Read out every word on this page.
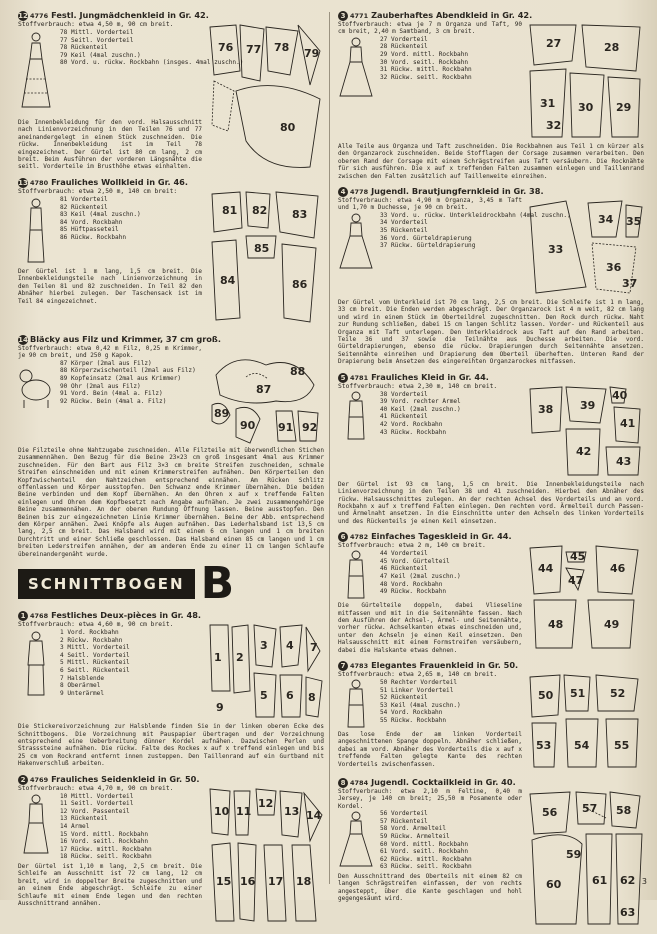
12 4776 Festl. Jungmädchenkleid in Gr. 42.
Stoffverbrauch: etwa 4,50 m, 90 cm breit.
78 Mittl. Vorderteil
77 Seitl. Vorderteil
78 Rückenteil
79 Keil (4mal zuschn.)
80 Vord. u. rückw. Rockbahn (insges. 4mal zuschn.)

Die Innenbekleidung für den vord. Halsausschnitt nach Linienvorzeichnung in den Teilen 76 und 77 aneinandergelegt in einem Stück zuschneiden. Die rückw. Innenbekleidung ist im Teil 78 eingezeichnet. Der Gürtel ist 80 cm lang, 2 cm breit. Beim Ausführen der vorderen Längsnähte die seitl. Vorderteile im Brusthöhe etwas einhalten.

76 77 78 79
80
13 4780 Frauliches Wollkleid in Gr. 46.
Stoffverbrauch: etwa 2,50 m, 140 cm breit:
81 Vorderteil
82 Rückenteil
83 Keil (4mal zuschn.)
84 Vord. Rockbahn
85 Hüftpasseteil
86 Rückw. Rockbahn

Der Gürtel ist 1 m lang, 1,5 cm breit. Die Innenbekleidungsteile nach Linienvorzeichnung in den Teilen 81 und 82 zuschneiden. In Teil 82 den Abnäher hierbei zulegen. Der Taschensack ist im Teil 84 eingezeichnet.

81 82 83
84
85
86
14 Bläcky aus Filz und Krimmer, 37 cm groß.

Stoffverbrauch: etwa 0,42 m Filz, 0,25 m Krimmer, je 90 cm breit, und 250 g Kapok.

87 Körper (2mal aus Filz)
88 Körperzwischenteil (2mal aus Filz)
89 Kopfeinsatz (2mal aus Krimmer)
90 Ohr (2mal aus Filz)
91 Vord. Bein (4mal a. Filz)
92 Rückw. Bein (4mal a. Filz)
87
88
89
90 91 92

Die Filzteile ohne Nahtzugabe zuschneiden. Alle Filzteile mit überwendlichen Stichen zusammennähen. Den Bezug für die Beine 23×23 cm groß insgesamt 4mal aus Krimmer zuschneiden. Für den Bart aus Filz 3×3 cm breite Streifen zuschneiden, schmale Streifen einschneiden und mit einem Krimmerstreifen aufnähen. Den Körperteilen den Kopfzwischenteil den Nahtzeichen entsprechend einnähen. Am Rücken Schlitz offenlassen und Körper ausstopfen. Den Schwanz ende Krimmer übernähen. Die beiden Beine verbinden und dem Kopf übernähen. An den Ohren x auf x treffende Falten einlegen und Ohren dem Kopfbesetzt nach Angabe aufnähen. Je zwei zusammengehörige Beine zusammennähen. An der oberen Rundung Öffnung lassen. Beine ausstopfen. Den Beinen bis zur eingezeichneten Linie Krimmer übernähen. Beine der Abb. entsprechend dem Körper annähen. Zwei Knöpfe als Augen aufnähen. Das Lederhalsband ist 13,5 cm lang, 2,5 cm breit. Das Halsband wird mit einem 6 cm langen und 1 cm breiten Durchtritt und einer Schließe geschlossen. Das Halsband einen 85 cm langen und 1 cm breiten Lederstreifen annähen, der am anderen Ende zu einer 11 cm langen Schlaufe übereinandergenäht wurde.

SCHNITTBOGEN B
1 4768 Festliches Deux-pièces in Gr. 48.
Stoffverbrauch: etwa 4,60 m, 90 cm breit.
1 Vord. Rockbahn
2 Rückw. Rockbahn
3 Mittl. Vorderteil
4 Seitl. Vorderteil
5 Mittl. Rückenteil
6 Seitl. Rückenteil
7 Halsblende
8 Oberärmel
9 Unterärmel
1 2
3 4
5 6
7
8
9

Die Stickereivorzeichnung zur Halsblende finden Sie in der linken oberen Ecke des Schnittbogens. Die Vorzeichnung mit Pauspapier übertragen und der Vorzeichnung entsprechend eine Ueberbreitung dünner Kordel aufnähen. Dazwischen Perlen und Strasssteine aufnähen. Die rückw. Falte des Rockes x auf x treffend einlegen und bis 25 cm vom Rockrand entfernt innen zusteppen. Den Taillenrand auf ein Gurtband mit Hakenverschluß arbeiten.

2 4769 Frauliches Seidenkleid in Gr. 50.
Stoffverbrauch: etwa 4,70 m, 90 cm breit.
10 Mittl. Vorderteil
11 Seitl. Vorderteil
12 Vord. Passenteil
13 Rückenteil
14 Ärmel
15 Vord. mittl. Rockbahn
16 Vord. seitl. Rockbahn
17 Rückw. mittl. Rockbahn
18 Rückw. seitl. Rockbahn

Der Gürtel ist 1,10 m lang, 2,5 cm breit. Die Schleife am Ausschnitt ist 72 cm lang, 12 cm breit, wird in doppelter Breite zugeschnitten und an einem Ende abgeschrägt. Schleife zu einer Schlaufe mit einem Ende legen und den rechten Ausschnittrand annähen.

10 11
12
13 14
15 16 17 18
3 4771 Zauberhaftes Abendkleid in Gr. 42.

Stoffverbrauch: etwa je 7 m Organza und Taft, 90 cm breit, 2,40 m Samtband, 3 cm breit.

27 Vorderteil
28 Rückenteil
29 Vord. mittl. Rockbahn
30 Vord. seitl. Rockbahn
31 Rückw. mittl. Rockbahn
32 Rückw. seitl. Rockbahn
27	28
29
30
31
32

Alle Teile aus Organza und Taft zuschneiden. Die Rockbahnen aus Teil 1 cm kürzer als den Organzarock zuschneiden. Beide Stofflagen der Corsage zusammen verarbeiten. Den oberen Rand der Corsage mit einem Schrägstreifen aus Taft versäubern. Die Rocknähte für sich ausführen. Die x auf x treffenden Falten zusammen einlegen und Taillenrand zwischen den Falten zusätzlich auf Taillenweite einreihen.

4 4778 Jugendl. Brautjungfernkleid in Gr. 38.

Stoffverbrauch: etwa 4,90 m Organza, 3,45 m Taft und 1,70 m Duchesse, je 90 cm breit.

33 Vord. u. rückw. Unterkleidrockbahn (4mal zuschn.)
34 Vorderteil
35 Rückenteil
36 Vord. Gürteldrapierung
37 Rückw. Gürteldrapierung	33
34 35
36
37

Der Gürtel vom Unterkleid ist 70 cm lang, 2,5 cm breit. Die Schleife ist 1 m lang, 33 cm breit. Die Enden werden abgeschrägt. Der Organzarock ist 4 m weit, 82 cm lang und wird in einem Stück im Oberteildrel zugeschnitten. Den Rock durch rückw. Naht zur Rundung schließen, dabei 15 cm langen Schlitz lassen. Vorder- und Rückenteil aus Organza mit Taft unterlegen. Den Unterkleidrock aus Taft auf den Rand arbeiten. Teile 36 und 37 sowie die Teilnähte aus Duchesse arbeiten. Die vord. Gürteldrapierungen, ebenso die rückw. Drapierungen durch Seitennähte ansetzen. Seitennähte einreihen und Drapierung dem Oberteil überheften. Unteren Rand der Drapierung beim Ansetzen des eingereihten Organzarockes mitfassen.

5 4781 Frauliches Kleid in Gr. 44.
Stoffverbrauch: etwa 2,30 m, 140 cm breit.
38 Vorderteil
39 Vord. rechter Ärmel
40 Keil (2mal zuschn.)
41 Rückenteil
42 Vord. Rockbahn
43 Rückw. Rockbahn
38 39
40
41
42
43

Der Gürtel ist 93 cm lang, 1,5 cm breit. Die Innenbekleidungsteile nach Linienvorzeichnung in den Teilen 38 und 41 zuschneiden. Hierbei den Abnäher des rückw. Halsausschnittes zulegen. An der rechten Achsel des Vorderteils und an vord. Rockbahn x auf x treffend Falten einlegen. Den rechten vord. Ärmelteil durch Passen- und Ärmelnaht ansetzen. In die Einschnitte unter den Achseln des linken Vorderteils und des Rückenteils je einen Keil einsetzen.

6 4782 Einfaches Tageskleid in Gr. 44.
Stoffverbrauch: etwa 2 m, 140 cm breit.
44 Vorderteil
45 Vord. Gürtelteil
46 Rückenteil
47 Keil (2mal zuschn.)
48 Vord. Rockbahn
49 Rückw. Rockbahn

Die Gürtelteile doppeln, dabei Vlieseline mitfassen und mit in die Seitennähte fassen. Nach dem Ausführen der Achsel-, Ärmel- und Seitennähte, vorher rückw. Achselkanten etwas einschneiden und, unter den Achseln je einen Keil einsetzen. Den Halsausschnitt mit einem Formstreifen versäubern, dabei die Halskante etwas dehnen.

44
45
46
47
48	49
7 4783 Elegantes Frauenkleid in Gr. 50.
Stoffverbrauch: etwa 2,65 m, 140 cm breit.
50 Rechter Vorderteil
51 Linker Vorderteil
52 Rückenteil
53 Keil (4mal zuschn.)
54 Vord. Rockbahn
55 Rückw. Rockbahn

Das lose Ende der am linken Vorderteil angeschnittenen Spange doppeln. Abnäher schließen, dabei am vord. Abnäher des Vorderteils die x auf x treffende Falten gelegte Kante des rechten Vorderteils zwischenfassen.

50 51 52
53 54 55
8 4784 Jugendl. Cocktailkleid in Gr. 40.

Stoffverbrauch: etwa 2,10 m Feltine, 0,40 m Jersey, je 140 cm breit; 25,50 m Posamente oder Kordel.

56 Vorderteil
57 Rückenteil
58 Vord. Ärmelteil
59 Rückw. Ärmelteil
60 Vord. mittl. Rockbahn
61 Vord. seitl. Rockbahn
62 Rückw. mittl. Rockbahn
63 Rückw. seitl. Rockbahn

Den Ausschnittrand des Oberteils mit einem 82 cm langen Schrägstreifen einfassen, der von rechts angesteppt, über die Kante geschlagen und hohl gegengesäumt wird.

56 57 58
59
60	61 62
63
3
